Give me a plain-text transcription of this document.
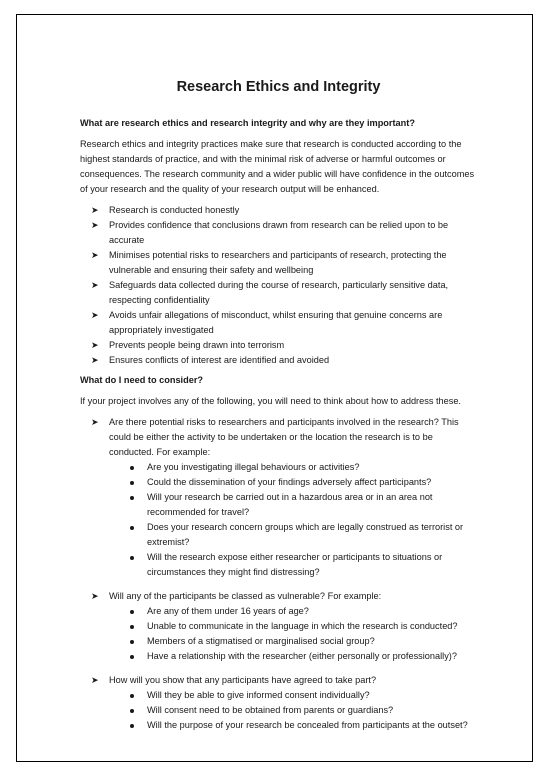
Research Ethics and Integrity
What are research ethics and research integrity and why are they important?

Research ethics and integrity practices make sure that research is conducted according to the highest standards of practice, and with the minimal risk of adverse or harmful outcomes or consequences. The research community and a wider public will have confidence in the outcomes of your research and the quality of your research output will be enhanced.

➤ Research is conducted honestly
➤ Provides confidence that conclusions drawn from research can be relied upon to be accurate
➤ Minimises potential risks to researchers and participants of research, protecting the vulnerable and ensuring their safety and wellbeing
➤ Safeguards data collected during the course of research, particularly sensitive data, respecting confidentiality
➤ Avoids unfair allegations of misconduct, whilst ensuring that genuine concerns are appropriately investigated
➤ Prevents people being drawn into terrorism
➤ Ensures conflicts of interest are identified and avoided
What do I need to consider?

If your project involves any of the following, you will need to think about how to address these.

➤ Are there potential risks to researchers and participants involved in the research? This could be either the activity to be undertaken or the location the research is to be conducted. For example:
Are you investigating illegal behaviours or activities?
Could the dissemination of your findings adversely affect participants?
Will your research be carried out in a hazardous area or in an area not recommended for travel?
Does your research concern groups which are legally construed as terrorist or extremist?
Will the research expose either researcher or participants to situations or circumstances they might find distressing?
➤ Will any of the participants be classed as vulnerable? For example:
Are any of them under 16 years of age?
Unable to communicate in the language in which the research is conducted?
Members of a stigmatised or marginalised social group?
Have a relationship with the researcher (either personally or professionally)?
➤ How will you show that any participants have agreed to take part?
Will they be able to give informed consent individually?
Will consent need to be obtained from parents or guardians?
Will the purpose of your research be concealed from participants at the outset?
